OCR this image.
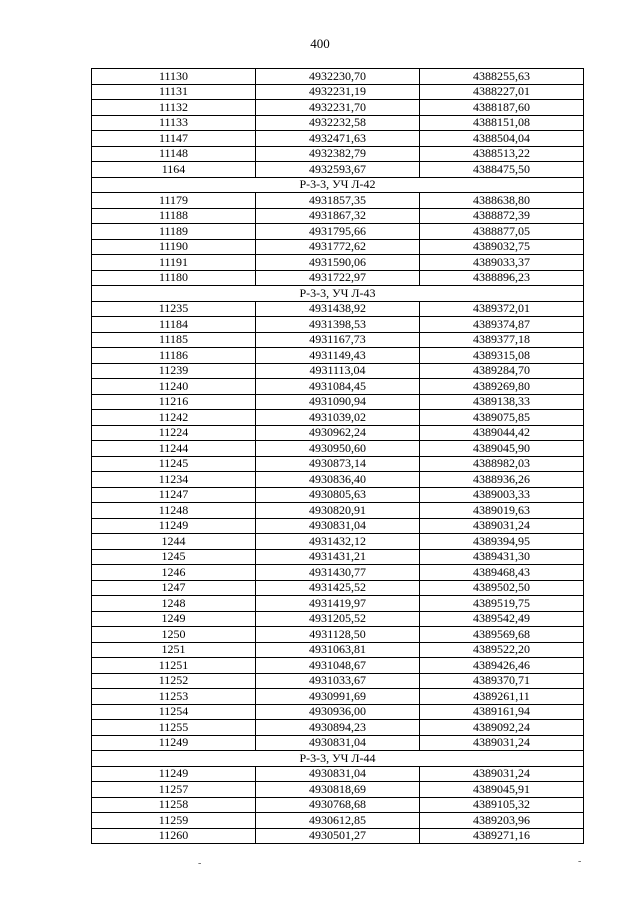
400
11130	4932230,70	4388255,63
11131	4932231,19	4388227,01
11132	4932231,70	4388187,60
11133	4932232,58	4388151,08
11147	4932471,63	4388504,04
11148	4932382,79	4388513,22
1164	4932593,67	4388475,50
Р-3-3, УЧ Л-42		
11179	4931857,35	4388638,80
11188	4931867,32	4388872,39
11189	4931795,66	4388877,05
11190	4931772,62	4389032,75
11191	4931590,06	4389033,37
11180	4931722,97	4388896,23
Р-3-3, УЧ Л-43		
11235	4931438,92	4389372,01
11184	4931398,53	4389374,87
11185	4931167,73	4389377,18
11186	4931149,43	4389315,08
11239	4931113,04	4389284,70
11240	4931084,45	4389269,80
11216	4931090,94	4389138,33
11242	4931039,02	4389075,85
11224	4930962,24	4389044,42
11244	4930950,60	4389045,90
11245	4930873,14	4388982,03
11234	4930836,40	4388936,26
11247	4930805,63	4389003,33
11248	4930820,91	4389019,63
11249	4930831,04	4389031,24
1244	4931432,12	4389394,95
1245	4931431,21	4389431,30
1246	4931430,77	4389468,43
1247	4931425,52	4389502,50
1248	4931419,97	4389519,75
1249	4931205,52	4389542,49
1250	4931128,50	4389569,68
1251	4931063,81	4389522,20
11251	4931048,67	4389426,46
11252	4931033,67	4389370,71
11253	4930991,69	4389261,11
11254	4930936,00	4389161,94
11255	4930894,23	4389092,24
11249	4930831,04	4389031,24
Р-3-3, УЧ Л-44		
11249	4930831,04	4389031,24
11257	4930818,69	4389045,91
11258	4930768,68	4389105,32
11259	4930612,85	4389203,96
11260	4930501,27	4389271,16
-	-
